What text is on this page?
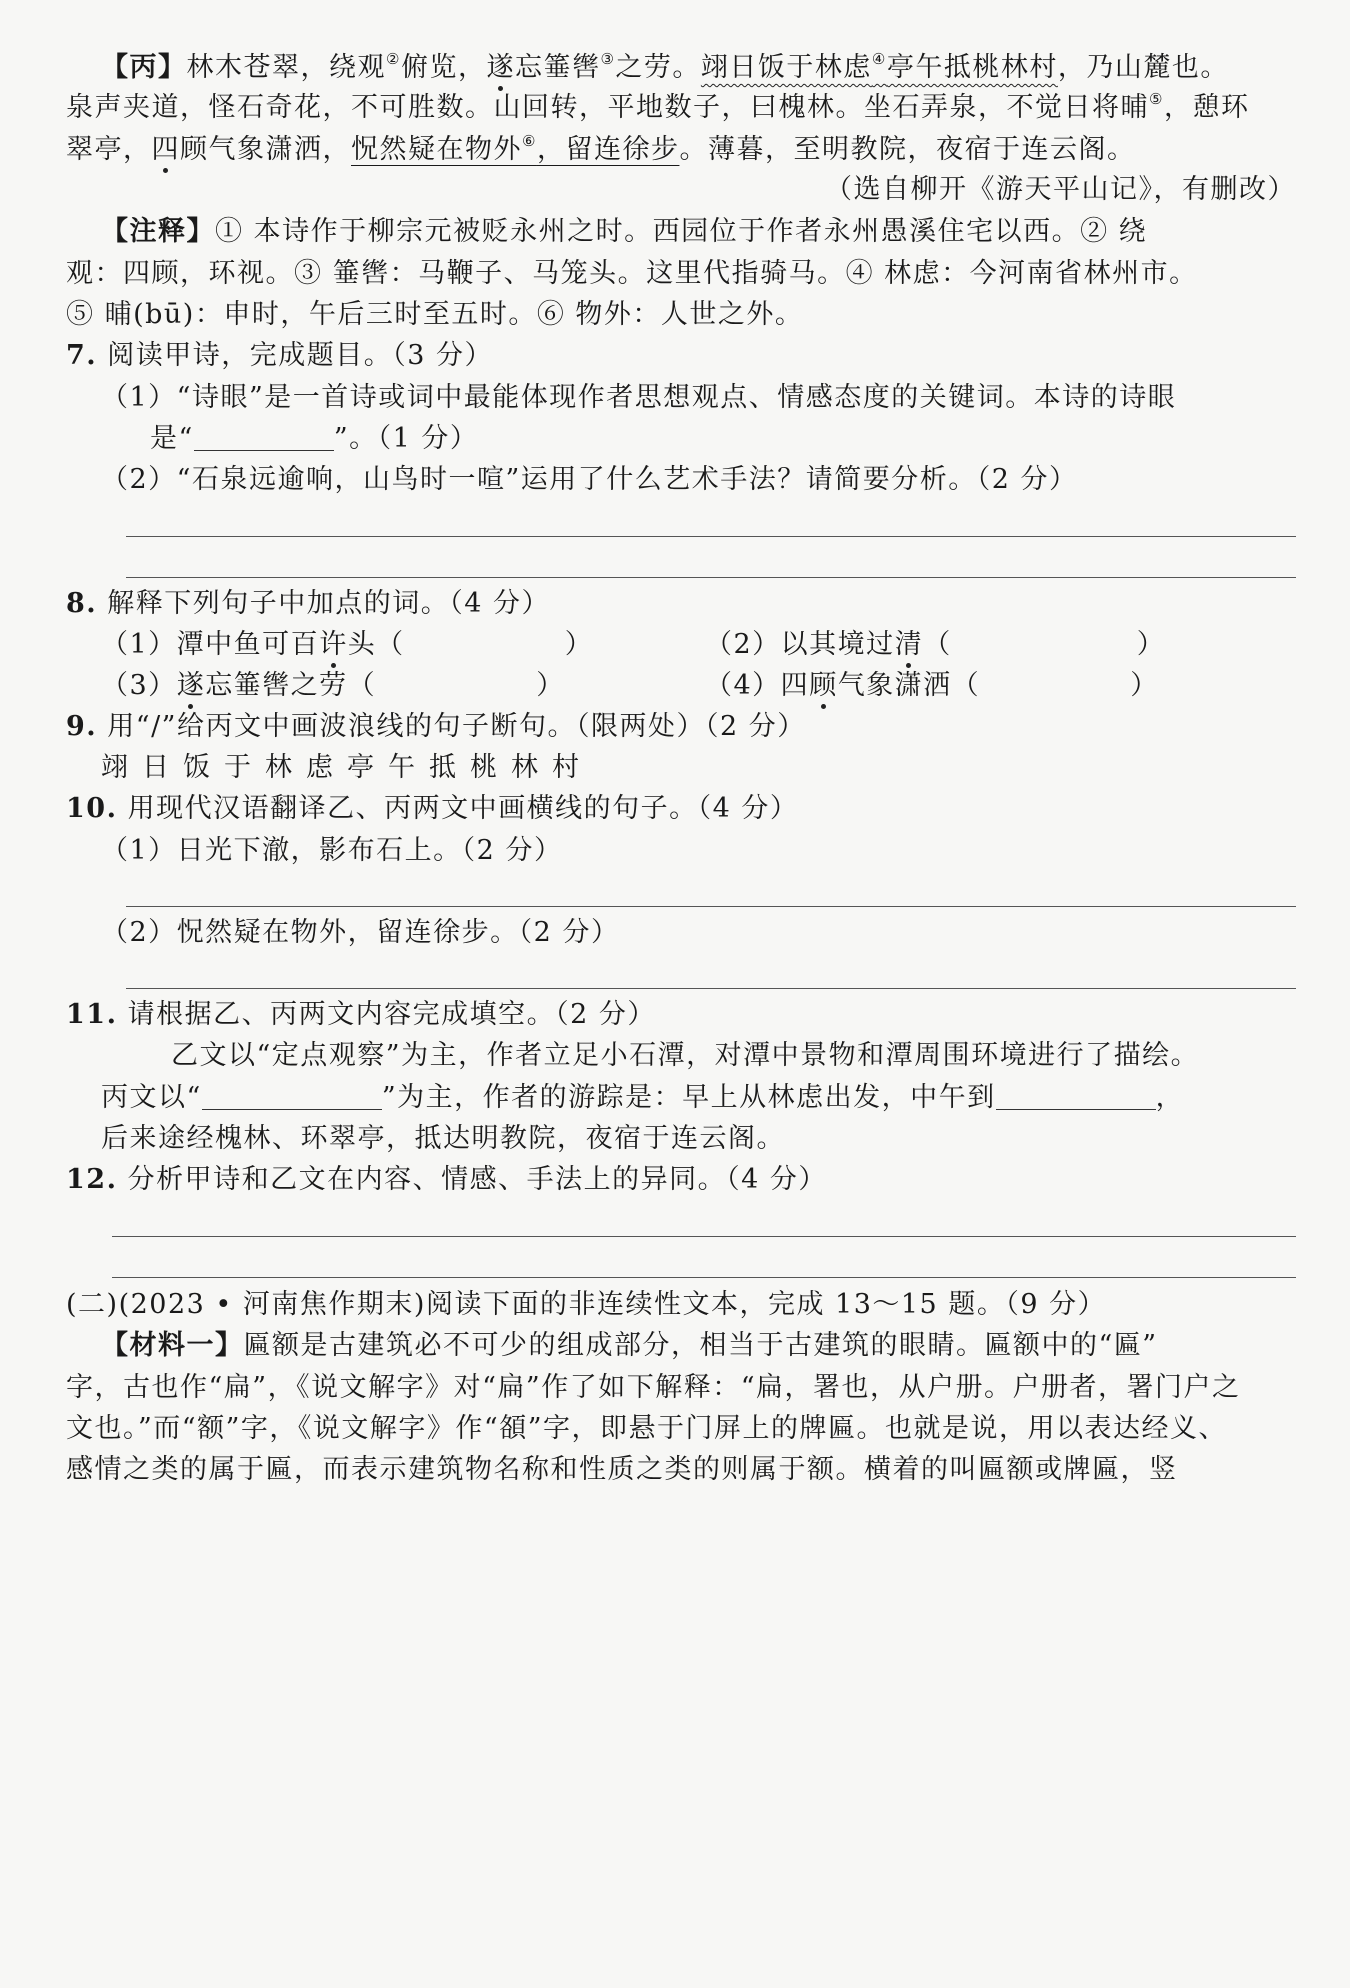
【丙】林木苍翠，绕观②俯览，遂忘箠辔③之劳。翊日饭于林虑④亭午抵桃林村，乃山麓也。
泉声夹道，怪石奇花，不可胜数。山回转，平地数子，曰槐林。坐石弄泉，不觉日将晡⑤，憩环
翠亭，四顾气象潇洒，怳然疑在物外⑥，留连徐步。薄暮，至明教院，夜宿于连云阁。
（选自柳开《游天平山记》，有删改）
【注释】① 本诗作于柳宗元被贬永州之时。西园位于作者永州愚溪住宅以西。② 绕
观：四顾，环视。③ 箠辔：马鞭子、马笼头。这里代指骑马。④ 林虑：今河南省林州市。
⑤ 晡(bū)：申时，午后三时至五时。⑥ 物外：人世之外。
7. 阅读甲诗，完成题目。（3 分）
（1）“诗眼”是一首诗或词中最能体现作者思想观点、情感态度的关键词。本诗的诗眼
是“	”。（1 分）
（2）“石泉远逾响，山鸟时一喧”运用了什么艺术手法？请简要分析。（2 分）
8. 解释下列句子中加点的词。（4 分）
（1）潭中鱼可百许头（	）	（2）以其境过清（	）
（3）遂忘箠辔之劳（	）	（4）四顾气象潇洒（	）
9. 用“/”给丙文中画波浪线的句子断句。（限两处）（2 分）
翊日饭于林虑亭午抵桃林村
10. 用现代汉语翻译乙、丙两文中画横线的句子。（4 分）
（1）日光下澈，影布石上。（2 分）
（2）怳然疑在物外，留连徐步。（2 分）
11. 请根据乙、丙两文内容完成填空。（2 分）
乙文以“定点观察”为主，作者立足小石潭，对潭中景物和潭周围环境进行了描绘。
丙文以“	”为主，作者的游踪是：早上从林虑出发，中午到	，
后来途经槐林、环翠亭，抵达明教院，夜宿于连云阁。
12. 分析甲诗和乙文在内容、情感、手法上的异同。（4 分）
(二)(2023 • 河南焦作期末)阅读下面的非连续性文本，完成 13～15 题。（9 分）
【材料一】匾额是古建筑必不可少的组成部分，相当于古建筑的眼睛。匾额中的“匾”
字，古也作“扁”，《说文解字》对“扁”作了如下解释：“扁，署也，从户册。户册者，署门户之
文也。”而“额”字，《说文解字》作“頟”字，即悬于门屏上的牌匾。也就是说，用以表达经义、
感情之类的属于匾，而表示建筑物名称和性质之类的则属于额。横着的叫匾额或牌匾，竖
